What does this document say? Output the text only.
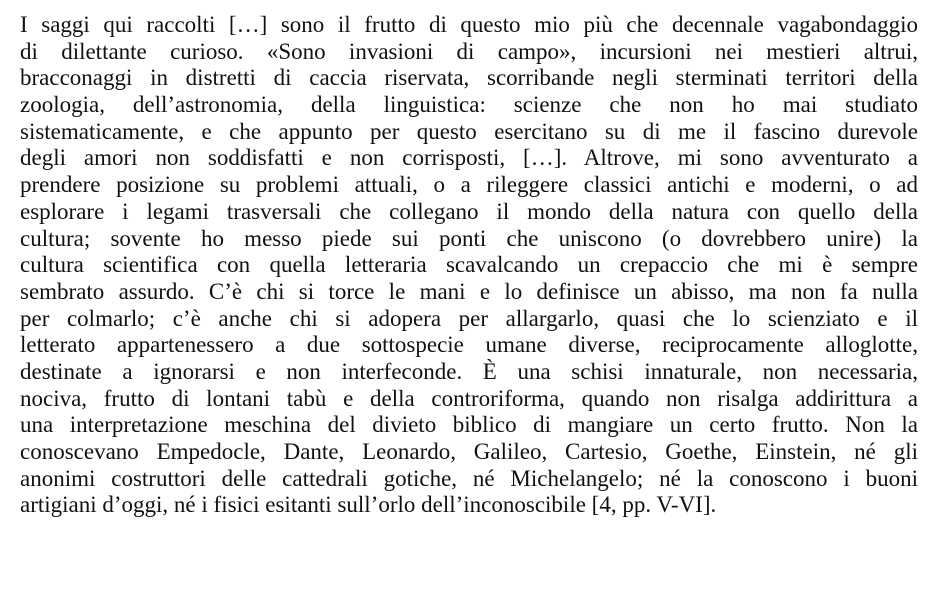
I saggi qui raccolti […] sono il frutto di questo mio più che decennale vagabondaggio
di dilettante curioso. «Sono invasioni di campo», incursioni nei mestieri altrui,
bracconaggi in distretti di caccia riservata, scorribande negli sterminati territori della
zoologia, dell’astronomia, della linguistica: scienze che non ho mai studiato
sistematicamente, e che appunto per questo esercitano su di me il fascino durevole
degli amori non soddisfatti e non corrisposti, […]. Altrove, mi sono avventurato a
prendere posizione su problemi attuali, o a rileggere classici antichi e moderni, o ad
esplorare i legami trasversali che collegano il mondo della natura con quello della
cultura; sovente ho messo piede sui ponti che uniscono (o dovrebbero unire) la
cultura scientifica con quella letteraria scavalcando un crepaccio che mi è sempre
sembrato assurdo. C’è chi si torce le mani e lo definisce un abisso, ma non fa nulla
per colmarlo; c’è anche chi si adopera per allargarlo, quasi che lo scienziato e il
letterato appartenessero a due sottospecie umane diverse, reciprocamente alloglotte,
destinate a ignorarsi e non interfeconde. È una schisi innaturale, non necessaria,
nociva, frutto di lontani tabù e della controriforma, quando non risalga addirittura a
una interpretazione meschina del divieto biblico di mangiare un certo frutto. Non la
conoscevano Empedocle, Dante, Leonardo, Galileo, Cartesio, Goethe, Einstein, né gli
anonimi costruttori delle cattedrali gotiche, né Michelangelo; né la conoscono i buoni
artigiani d’oggi, né i fisici esitanti sull’orlo dell’inconoscibile [4, pp. V-VI].
